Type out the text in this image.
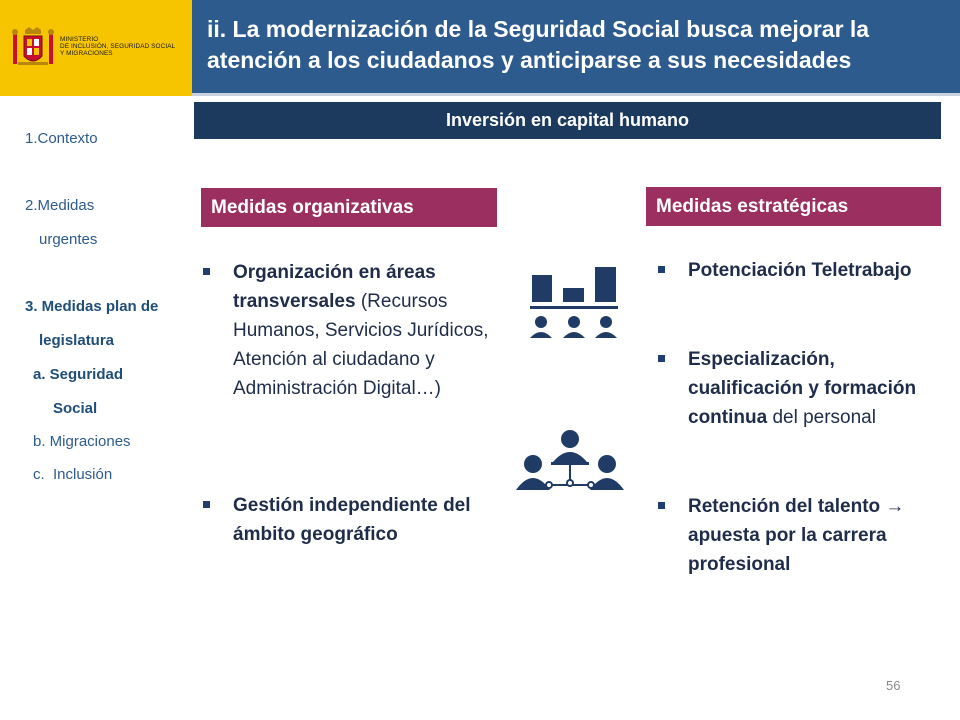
MINISTERIO
DE INCLUSIÓN, SEGURIDAD SOCIAL
Y MIGRACIONES
ii. La modernización de la Seguridad Social busca mejorar la atención a los ciudadanos y anticiparse a sus necesidades
1.Contexto
2.Medidas
urgentes
3. Medidas plan de
legislatura
a. Seguridad
Social
b. Migraciones
c.  Inclusión
Inversión en capital humano
Medidas organizativas
Organización en áreas transversales (Recursos Humanos, Servicios Jurídicos, Atención al ciudadano y Administración Digital…)
Gestión independiente del ámbito geográfico
Medidas estratégicas
Potenciación Teletrabajo
Especialización, cualificación y formación continua del personal
Retención del talento → apuesta por la carrera profesional
56
